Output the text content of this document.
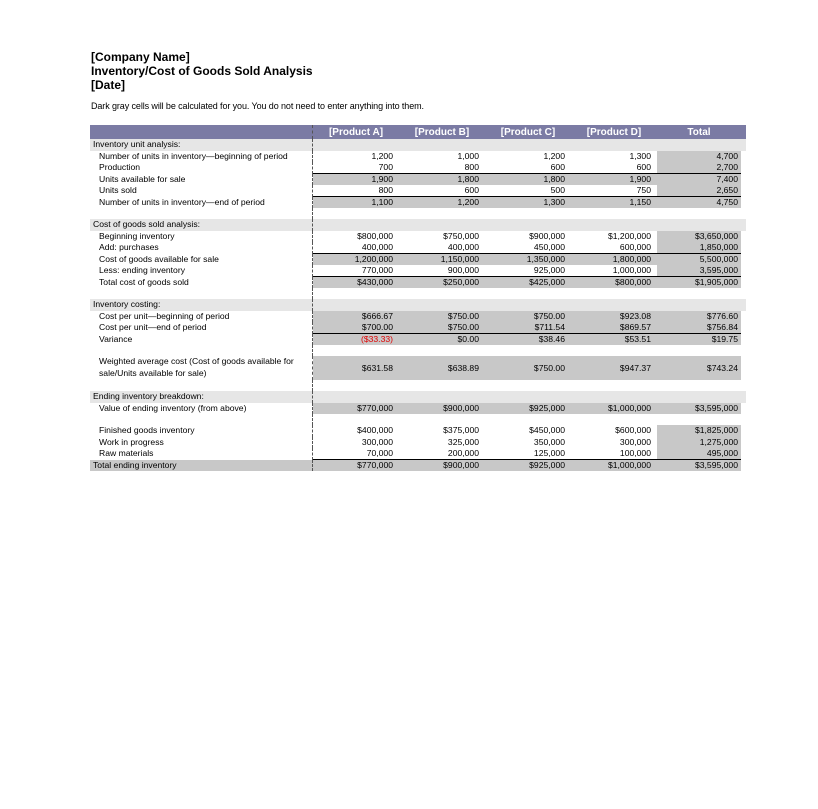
[Company Name]
Inventory/Cost of Goods Sold Analysis
[Date]
Dark gray cells will be calculated for you. You do not need to enter anything into them.
[Product A]	[Product B]	[Product C]	[Product D]	Total
Inventory unit analysis:
Number of units in inventory—beginning of period	1,200	1,000	1,200	1,300	4,700
Production	700	800	600	600	2,700
Units available for sale	1,900	1,800	1,800	1,900	7,400
Units sold	800	600	500	750	2,650
Number of units in inventory—end of period	1,100	1,200	1,300	1,150	4,750
Cost of goods sold analysis:
Beginning inventory	$800,000	$750,000	$900,000	$1,200,000	$3,650,000
Add: purchases	400,000	400,000	450,000	600,000	1,850,000
Cost of goods available for sale	1,200,000	1,150,000	1,350,000	1,800,000	5,500,000
Less: ending inventory	770,000	900,000	925,000	1,000,000	3,595,000
Total cost of goods sold	$430,000	$250,000	$425,000	$800,000	$1,905,000
Inventory costing:
Cost per unit—beginning of period	$666.67	$750.00	$750.00	$923.08	$776.60
Cost per unit—end of period	$700.00	$750.00	$711.54	$869.57	$756.84
Variance	($33.33)	$0.00	$38.46	$53.51	$19.75
Weighted average cost (Cost of goods available for sale/Units available for sale)	$631.58	$638.89	$750.00	$947.37	$743.24
Ending inventory breakdown:
Value of ending inventory (from above)	$770,000	$900,000	$925,000	$1,000,000	$3,595,000
Finished goods inventory	$400,000	$375,000	$450,000	$600,000	$1,825,000
Work in progress	300,000	325,000	350,000	300,000	1,275,000
Raw materials	70,000	200,000	125,000	100,000	495,000
Total ending inventory	$770,000	$900,000	$925,000	$1,000,000	$3,595,000
